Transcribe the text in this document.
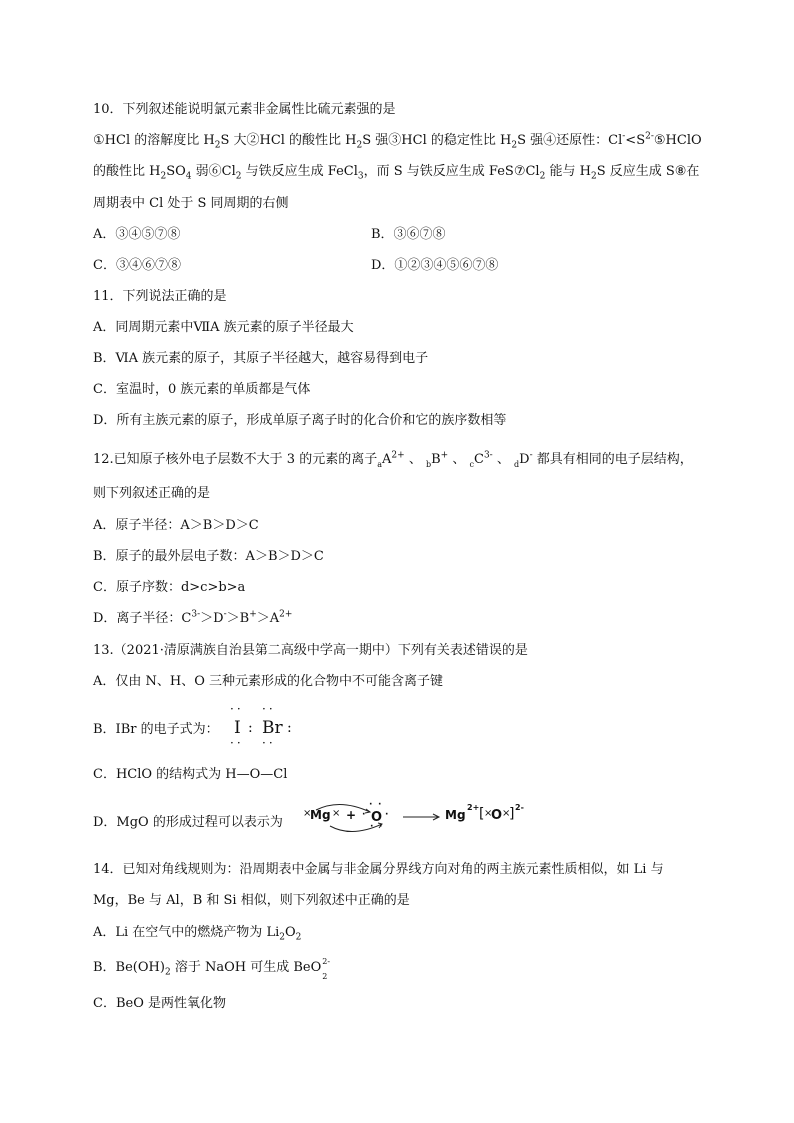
10．下列叙述能说明氯元素非金属性比硫元素强的是
①HCl 的溶解度比 $H_2S$ 大②HCl 的酸性比 $H_2S$ 强③HCl 的稳定性比 $H_2S$ 强④还原性：$Cl^-<S^{2-}⑤HClO$
的酸性比 $H_2SO_4$ 弱$⑥Cl_2$ 与铁反应生成 FeCl$_3$，而 S 与铁反应生成 $FeS⑦Cl_2$ 能与 $H_2S$ 反应生成 S⑧在
周期表中 Cl 处于 S 同周期的右侧
A．③④⑤⑦⑧	B．③⑥⑦⑧
C．③④⑥⑦⑧	D．①②③④⑤⑥⑦⑧
11．下列说法正确的是
A．同周期元素中ⅦA 族元素的原子半径最大
B．ⅥA 族元素的原子，其原子半径越大，越容易得到电子
C．室温时，0 族元素的单质都是气体
D．所有主族元素的原子，形成单原子离子时的化合价和它的族序数相等
12.已知原子核外电子层数不大于 3 的元素的离子$_aA^{2+}$ 、 $_b$B+ 、 $_cC^{3-}$ 、 $_d$D- 都具有相同的电子层结构，
则下列叙述正确的是
A．原子半径：A＞B＞D＞C
B．原子的最外层电子数：A＞B＞D＞C
C．原子序数：d>c>b>a
D．离子半径：$C^{3-}>D^->B^+>A^{2+}$
13.（2021·清原满族自治县第二高级中学高一期中）下列有关表述错误的是
A．仅由 N、H、O 三种元素形成的化合物中不可能含离子键
B．IBr 的电子式为：
··
I
··
:
··
Br :
··
C．HClO 的结构式为 H—O—Cl
D．MgO 的形成过程可以表示为
×
Mg × +
· ·
· O ·
· ·
Mg
2+ [ ×
O ×
] 2-
14．已知对角线规则为：沿周期表中金属与非金属分界线方向对角的两主族元素性质相似，如 Li 与
Mg，Be 与 Al，B 和 Si 相似，则下列叙述中正确的是
A．Li 在空气中的燃烧产物为 $Li_2O_2$
B．$Be(OH)_2$ 溶于 NaOH 可生成 BeO 2-
2
C．BeO 是两性氧化物
